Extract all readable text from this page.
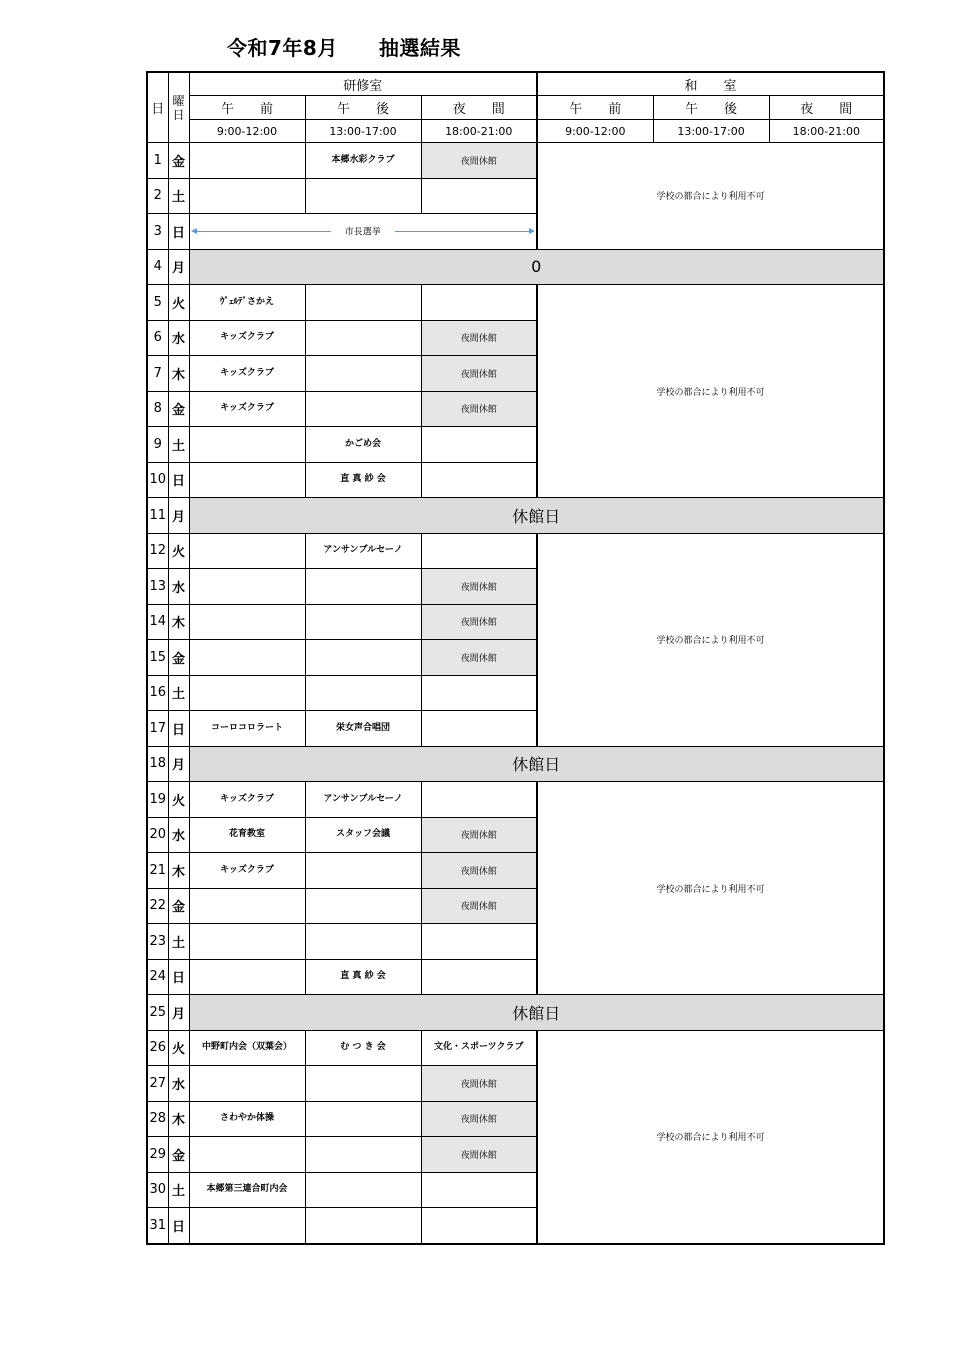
令和7年8月　　抽選結果
日	曜日	研修室			和　　室		
		午　　前	午　　後	夜　　間	午　　前	午　　後	夜　　間
		9:00-12:00	13:00-17:00	18:00-21:00	9:00-12:00	13:00-17:00	18:00-21:00
1	金		本郷水彩クラブ	夜間休館	学校の都合により利用不可		
2	土						
3	日	市長選挙					

4	月	0					
5	火	ｳﾞｪﾙﾃﾞさかえ			学校の都合により利用不可		
6	水	キッズクラブ		夜間休館			
7	木	キッズクラブ		夜間休館			
8	金	キッズクラブ		夜間休館			
9	土		かごめ会				
10	日		直 真 紗 会				
11	月	休館日					
12	火		アンサンブルセーノ		学校の都合により利用不可		
13	水			夜間休館			
14	木			夜間休館			
15	金			夜間休館			
16	土						
17	日	コーロコロラート	栄女声合唱団				
18	月	休館日					
19	火	キッズクラブ	アンサンブルセーノ		学校の都合により利用不可		
20	水	花育教室	スタッフ会議	夜間休館			
21	木	キッズクラブ		夜間休館			
22	金			夜間休館			
23	土						
24	日		直 真 紗 会				
25	月	休館日					
26	火	中野町内会（双葉会）	む つ き 会	文化・スポーツクラブ	学校の都合により利用不可		
27	水			夜間休館			
28	木	さわやか体操		夜間休館			
29	金			夜間休館			
30	土	本郷第三連合町内会					
31	日						
